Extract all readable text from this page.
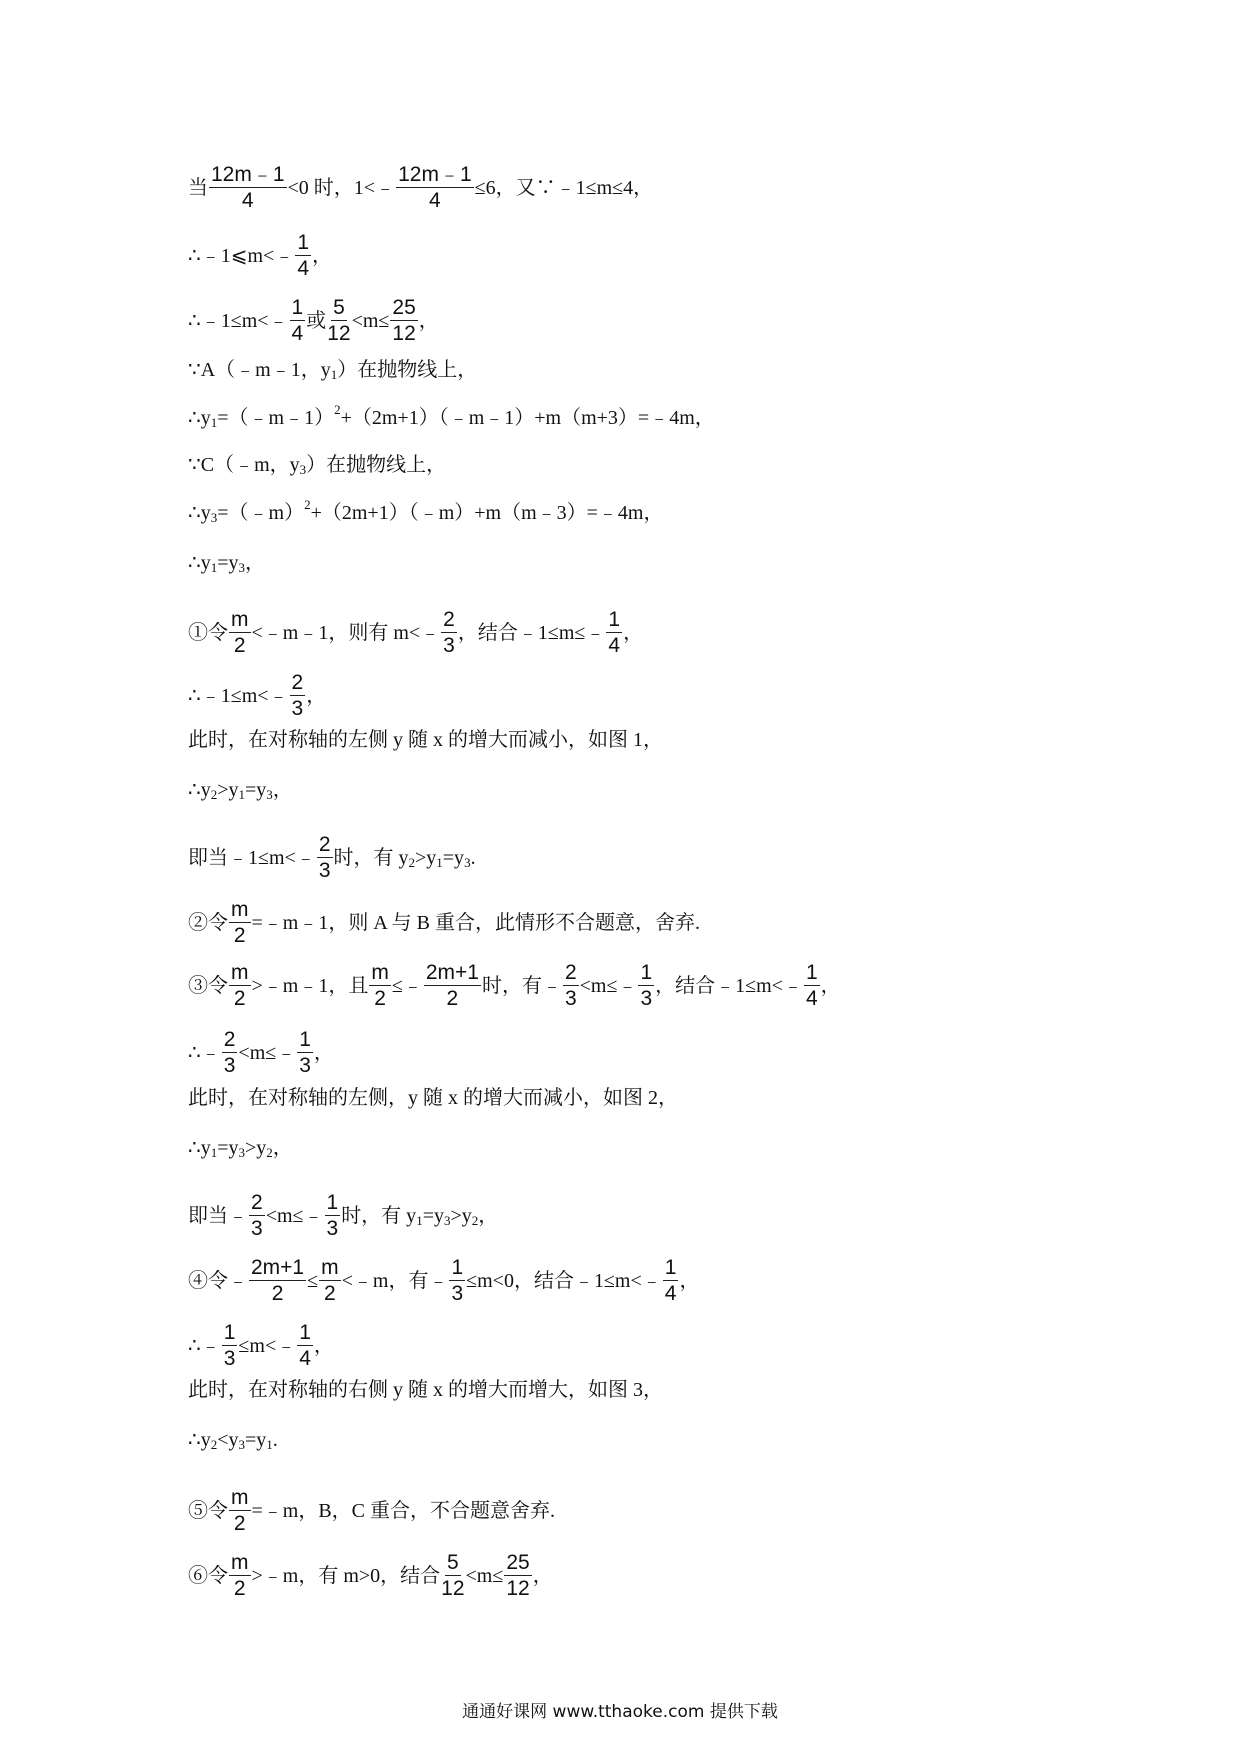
当 $\frac{12m﹣1}{4} <0$ 时，1<﹣ $\frac{12m﹣1}{4} \le 6$，又∵﹣1≤m≤4，
∴﹣1⩽m<﹣ $\frac{1}{4}$ ，
∴﹣1≤m<﹣ $\frac{1}{4}$ 或 $\frac{5}{12} <m\le \frac{25}{12}$ ，
∵A（﹣m﹣1，y 1 ）在抛物线上，
∴y 1 =（﹣m﹣1） 2 +（2m+1）（﹣m﹣1）+m（m+3）=﹣4m，
∵C（﹣m，y 3 ）在抛物线上，
∴y 3 =（﹣m） 2 +（2m+1）（﹣m）+m（m﹣3）=﹣4m，
∴y 1 =y 3 ，
①令 $\frac{m}{2}$ <﹣m﹣1，则有 m<﹣ $\frac{2}{3}$ ，结合﹣1≤m≤﹣ $\frac{1}{4}$ ，
∴﹣1≤m<﹣ $\frac{2}{3}$ ，
此时，在对称轴的左侧 y 随 x 的增大而减小，如图 1，
∴y 2 >y 1 =y 3 ，
即当﹣1≤m<﹣ $\frac{2}{3}$ 时，有 y 2 >y 1 =y 3 .
②令 $\frac{m}{2}$ =﹣m﹣1，则 A 与 B 重合，此情形不合题意，舍弃.
③令 $\frac{m}{2}$ >﹣m﹣1，且 $\frac{m}{2}$ ≤﹣ $\frac{2m+1}{2}$ 时，有﹣ $\frac{2}{3}$ <m≤﹣ $\frac{1}{3}$ ，结合﹣1≤m<﹣ $\frac{1}{4}$ ，
∴﹣ $\frac{2}{3}$ <m≤﹣ $\frac{1}{3}$ ，
此时，在对称轴的左侧，y 随 x 的增大而减小，如图 2，
∴y 1 =y 3 >y 2 ，
即当﹣ $\frac{2}{3}$ <m≤﹣ $\frac{1}{3}$ 时，有 y 1 =y 3 >y 2 ，
④令﹣ $\frac{2m+1}{2} \le \frac{m}{2}$ <﹣m，有﹣ $\frac{1}{3} \le m<0$，结合﹣1≤m<﹣ $\frac{1}{4}$ ，
∴﹣ $\frac{1}{3}$ ≤m<﹣ $\frac{1}{4}$ ，
此时，在对称轴的右侧 y 随 x 的增大而增大，如图 3，
∴y 2 <y 3 =y 1 .
⑤令 $\frac{m}{2}$ =﹣m，B，C 重合，不合题意舍弃.
⑥令 $\frac{m}{2}$ >﹣m，有 m>0，结合 $\frac{5}{12} <m\le \frac{25}{12}$ ，
通通好课网 www.tthaoke.com 提供下载
